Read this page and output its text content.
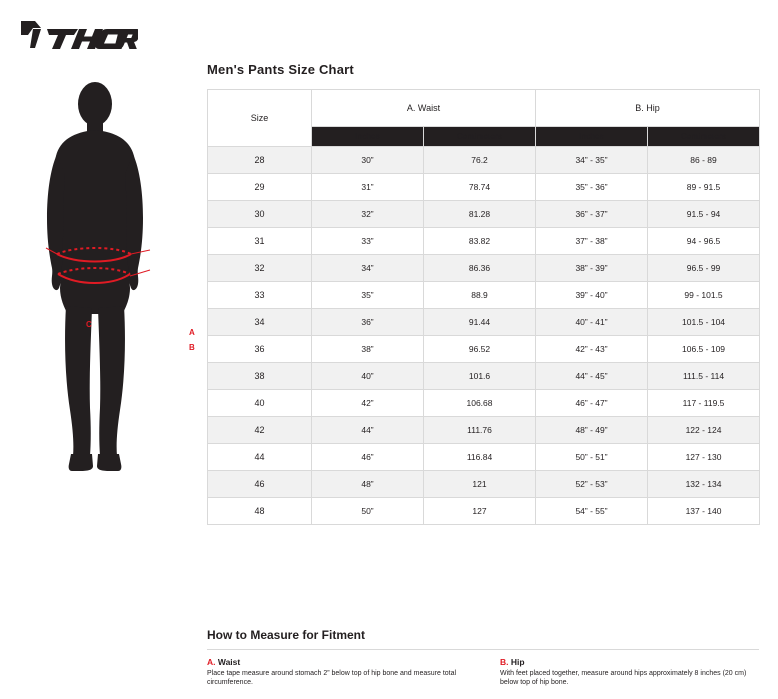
A
B
C
Men's Pants Size Chart
Size	A. Waist		B. Hip	
	Inches	Centimeters	Inches	Centimeters
28	30”	76.2	34” - 35”	86 - 89
29	31”	78.74	35” - 36”	89 - 91.5
30	32”	81.28	36” - 37”	91.5 - 94
31	33”	83.82	37” - 38”	94 - 96.5
32	34”	86.36	38” - 39”	96.5 - 99
33	35”	88.9	39” - 40”	99 - 101.5
34	36”	91.44	40” - 41”	101.5 - 104
36	38”	96.52	42” - 43”	106.5 - 109
38	40”	101.6	44” - 45”	111.5 - 114
40	42”	106.68	46” - 47”	117 - 119.5
42	44”	111.76	48” - 49”	122 - 124
44	46”	116.84	50” - 51”	127 - 130
46	48”	121	52” - 53”	132 - 134
48	50”	127	54” - 55”	137 - 140
How to Measure for Fitment
A. Waist
Place tape measure around stomach 2” below top of hip bone and measure total circumference.
B. Hip
With feet placed together, measure around hips approximately 8 inches (20 cm) below top of hip bone.
